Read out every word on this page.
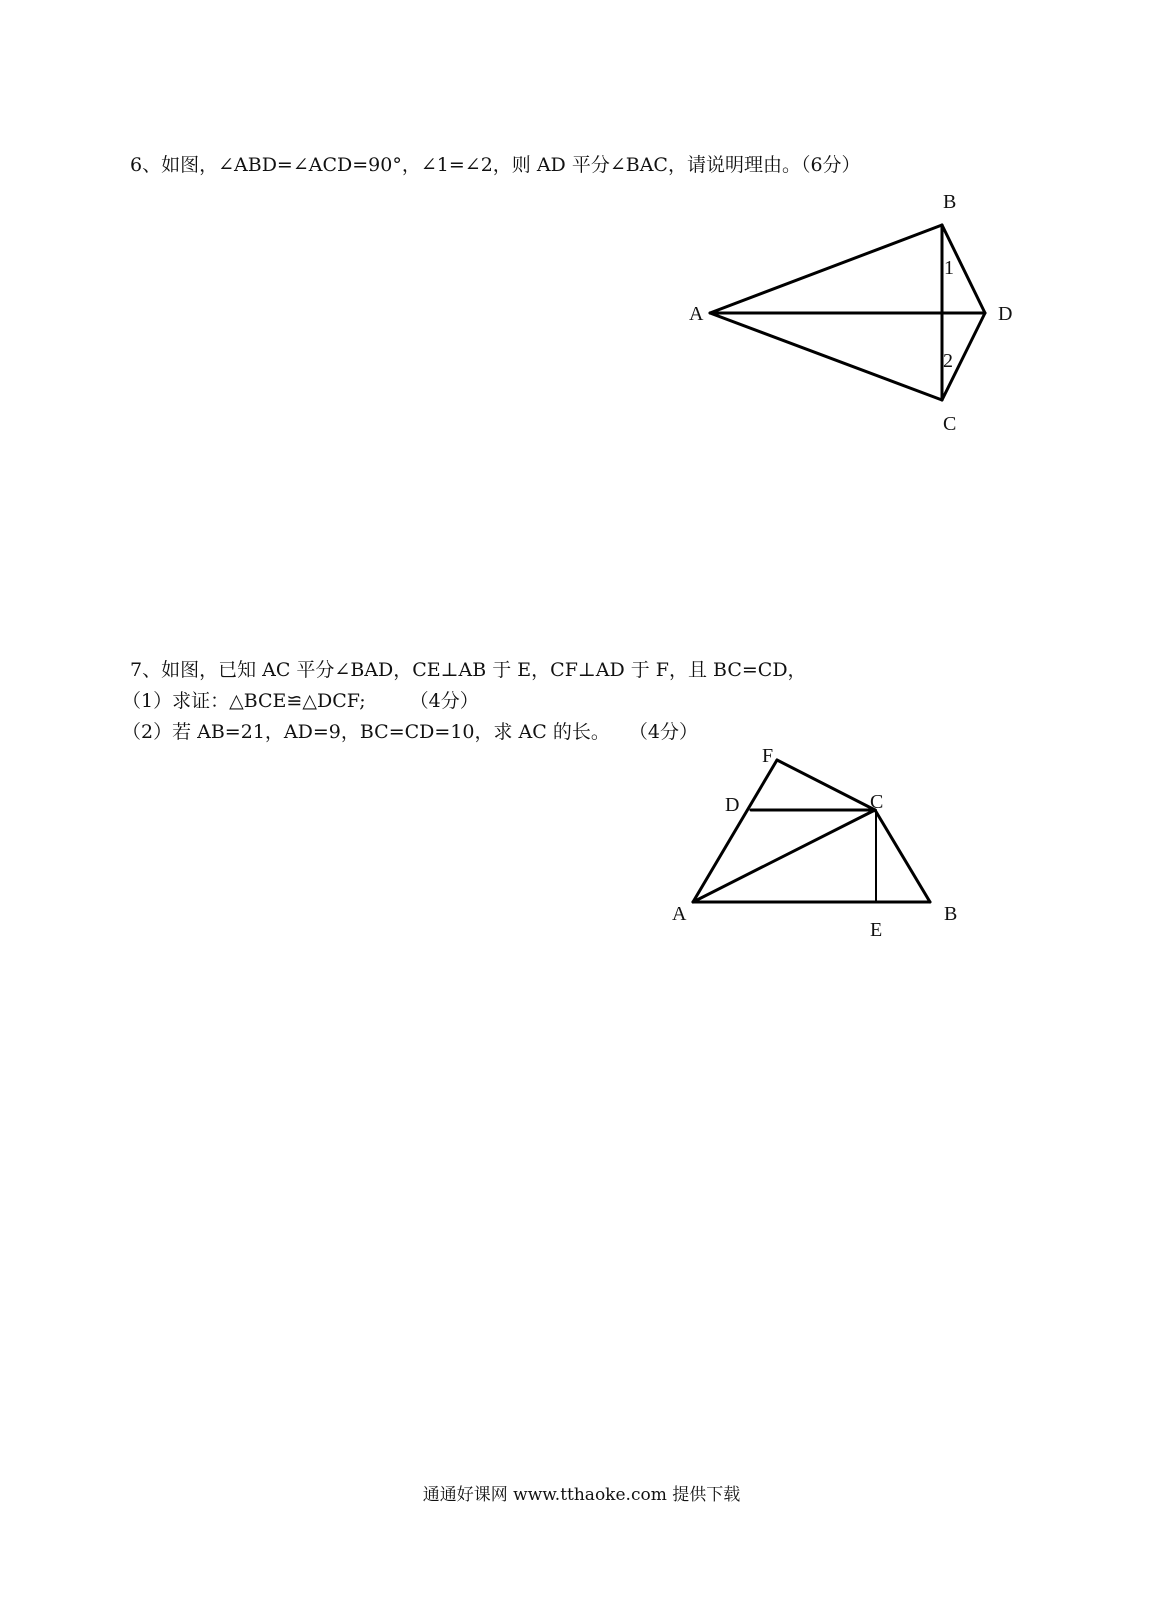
6、如图，∠ABD=∠ACD=90°，∠1=∠2，则 AD 平分∠BAC，请说明理由。（6分）
B
A	D
C
1
2
7、如图，已知 AC 平分∠BAD，CE⊥AB 于 E，CF⊥AD 于 F，且 BC=CD，
（1）求证：△BCE≌△DCF;　　 （4分）
（2）若 AB=21，AD=9，BC=CD=10，求 AC 的长。　　（4分）
F
D	C
A
E
B
通通好课网 www.tthaoke.com 提供下载
